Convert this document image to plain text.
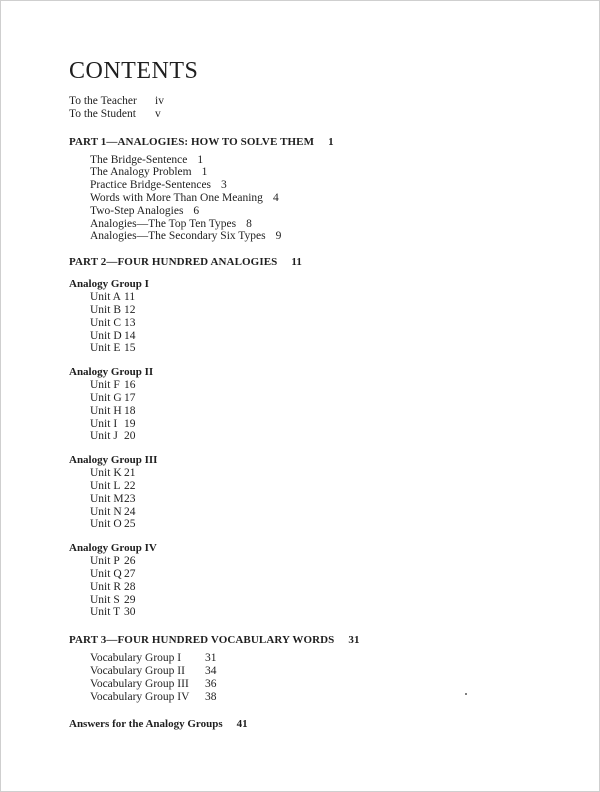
CONTENTS
To the Teacher iv
To the Student v
PART 1—ANALOGIES: HOW TO SOLVE THEM 1
The Bridge-Sentence 1
The Analogy Problem 1
Practice Bridge-Sentences 3
Words with More Than One Meaning 4
Two-Step Analogies 6
Analogies—The Top Ten Types 8
Analogies—The Secondary Six Types 9
PART 2—FOUR HUNDRED ANALOGIES 11
Analogy Group I
Unit A 11
Unit B 12
Unit C 13
Unit D 14
Unit E 15
Analogy Group II
Unit F 16
Unit G 17
Unit H 18
Unit I 19
Unit J 20
Analogy Group III
Unit K 21
Unit L 22
Unit M23
Unit N 24
Unit O 25
Analogy Group IV
Unit P 26
Unit Q 27
Unit R 28
Unit S 29
Unit T 30
PART 3—FOUR HUNDRED VOCABULARY WORDS 31
Vocabulary Group I 31
Vocabulary Group II 34
Vocabulary Group III 36
Vocabulary Group IV 38
Answers for the Analogy Groups 41
